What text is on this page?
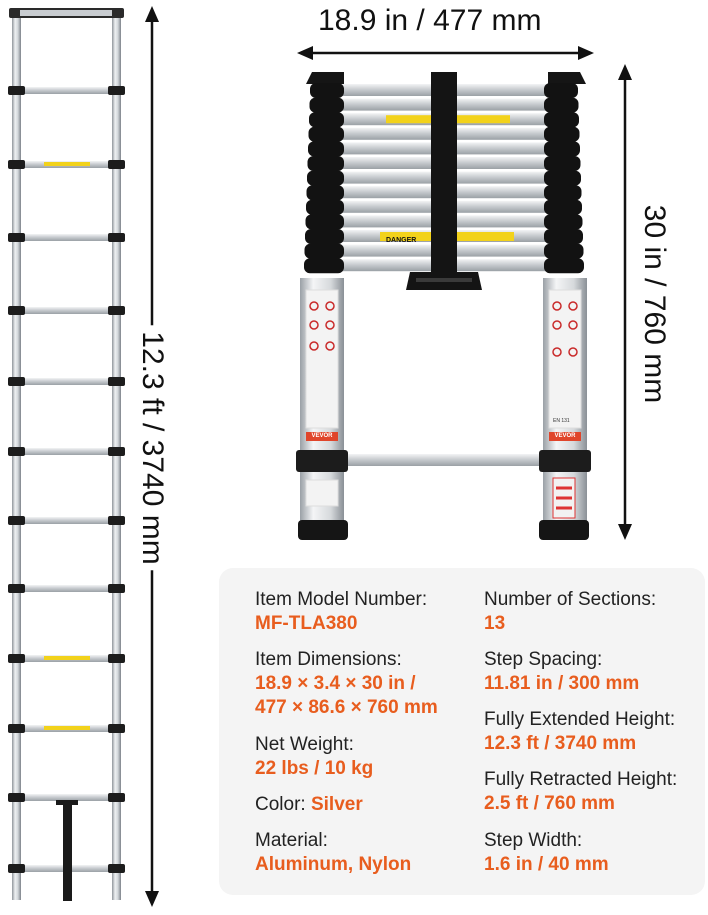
12.3 ft / 3740 mm
18.9 in / 477 mm
30 in / 760 mm
DANGER
VEVOR	VEVOR
EN 131
Item Model Number:
MF-TLA380
Item Dimensions:
18.9 × 3.4 × 30 in /
477 × 86.6 × 760 mm
Net Weight:
22 lbs / 10 kg
Color: Silver
Material:
Aluminum, Nylon
Number of Sections:
13
Step Spacing:
11.81 in / 300 mm
Fully Extended Height:
12.3 ft / 3740 mm
Fully Retracted Height:
2.5 ft / 760 mm
Step Width:
1.6 in / 40 mm
